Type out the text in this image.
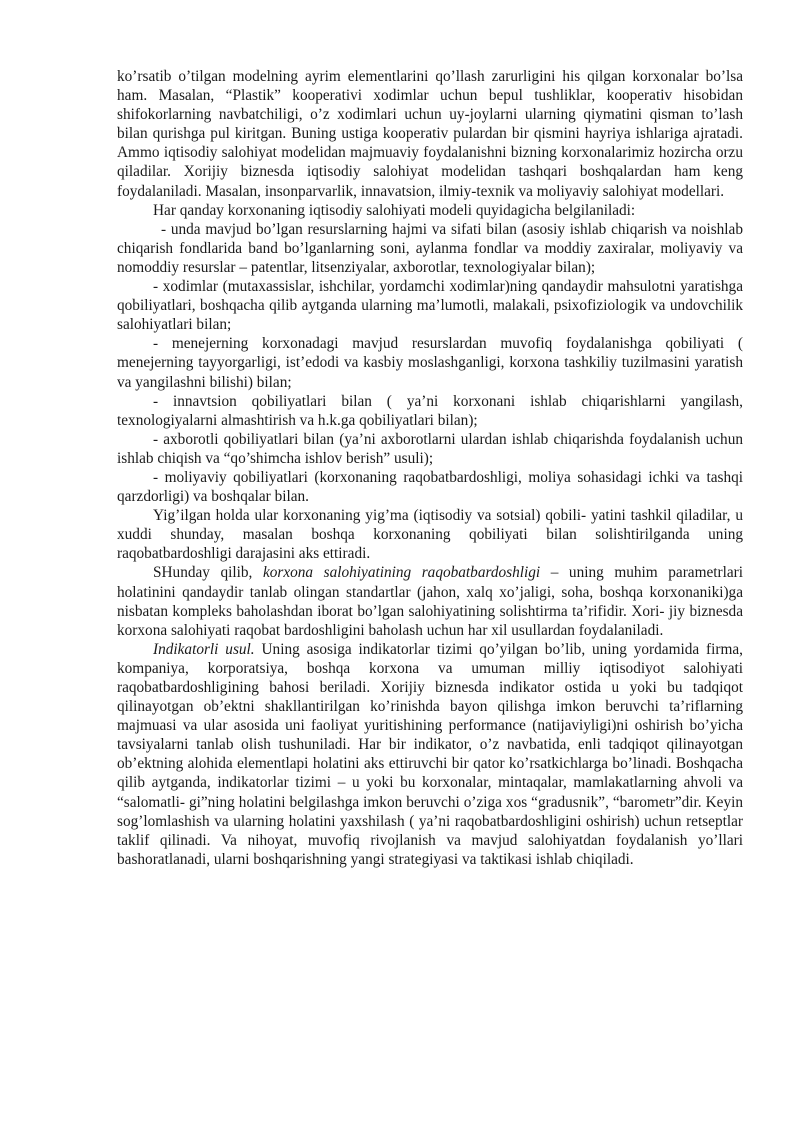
ko’rsatib o’tilgan modelning ayrim elementlarini qo’llash zarurligini his qilgan korxonalar bo’lsa ham. Masalan, “Plastik” kooperativi xodimlar uchun bepul tushliklar, kooperativ hisobidan shifokorlarning navbatchiligi, o’z xodimlari uchun uy-joylarni ularning qiymatini qisman to’lash bilan qurishga pul kiritgan. Buning ustiga kooperativ pulardan bir qismini hayriya ishlariga ajratadi. Ammo iqtisodiy salohiyat modelidan majmuaviy foydalanishni bizning korxonalarimiz hozircha orzu qiladilar. Xorijiy biznesda iqtisodiy salohiyat modelidan tashqari boshqalardan ham keng foydalaniladi. Masalan, insonparvarlik, innavatsion, ilmiy-texnik va moliyaviy salohiyat modellari.

Har qanday korxonaning iqtisodiy salohiyati modeli quyidagicha belgilaniladi:

- unda mavjud bo’lgan resurslarning hajmi va sifati bilan (asosiy ishlab chiqarish va noishlab chiqarish fondlarida band bo’lganlarning soni, aylanma fondlar va moddiy zaxiralar, moliyaviy va nomoddiy resurslar – patentlar, litsenziyalar, axborotlar, texnologiyalar bilan);

- xodimlar (mutaxassislar, ishchilar, yordamchi xodimlar)ning qandaydir mahsulotni yaratishga qobiliyatlari, boshqacha qilib aytganda ularning ma’lumotli, malakali, psixofiziologik va undovchilik salohiyatlari bilan;

- menejerning korxonadagi mavjud resurslardan muvofiq foydalanishga qobiliyati ( menejerning tayyorgarligi, ist’edodi va kasbiy moslashganligi, korxona tashkiliy tuzilmasini yaratish va yangilashni bilishi) bilan;

- innavtsion qobiliyatlari bilan ( ya’ni korxonani ishlab chiqarishlarni yangilash, texnologiyalarni almashtirish va h.k.ga qobiliyatlari bilan);

- axborotli qobiliyatlari bilan (ya’ni axborotlarni ulardan ishlab chiqarishda foydalanish uchun ishlab chiqish va “qo’shimcha ishlov berish” usuli);

- moliyaviy qobiliyatlari (korxonaning raqobatbardoshligi, moliya sohasidagi ichki va tashqi qarzdorligi) va boshqalar bilan.

Yig’ilgan holda ular korxonaning yig’ma (iqtisodiy va sotsial) qobili- yatini tashkil qiladilar, u xuddi shunday, masalan boshqa korxonaning qobiliyati bilan solishtirilganda uning raqobatbardoshligi darajasini aks ettiradi.

SHunday qilib, korxona salohiyatining raqobatbardoshligi – uning muhim parametrlari holatinini qandaydir tanlab olingan standartlar (jahon, xalq xo’jaligi, soha, boshqa korxonaniki)ga nisbatan kompleks baholashdan iborat bo’lgan salohiyatining solishtirma ta’rifidir. Xori- jiy biznesda korxona salohiyati raqobat bardoshligini baholash uchun har xil usullardan foydalaniladi.

Indikatorli usul. Uning asosiga indikatorlar tizimi qo’yilgan bo’lib, uning yordamida firma, kompaniya, korporatsiya, boshqa korxona va umuman milliy iqtisodiyot salohiyati raqobatbardoshligining bahosi beriladi. Xorijiy biznesda indikator ostida u yoki bu tadqiqot qilinayotgan ob’ektni shakllantirilgan ko’rinishda bayon qilishga imkon beruvchi ta’riflarning majmuasi va ular asosida uni faoliyat yuritishining performance (natijaviyligi)ni oshirish bo’yicha tavsiyalarni tanlab olish tushuniladi. Har bir indikator, o’z navbatida, enli tadqiqot qilinayotgan ob’ektning alohida elementlapi holatini aks ettiruvchi bir qator ko’rsatkichlarga bo’linadi. Boshqacha qilib aytganda, indikatorlar tizimi – u yoki bu korxonalar, mintaqalar, mamlakatlarning ahvoli va “salomatli- gi”ning holatini belgilashga imkon beruvchi o’ziga xos “gradusnik”, “barometr”dir. Keyin sog’lomlashish va ularning holatini yaxshilash ( ya’ni raqobatbardoshligini oshirish) uchun retseptlar taklif qilinadi. Va nihoyat, muvofiq rivojlanish va mavjud salohiyatdan foydalanish yo’llari bashoratlanadi, ularni boshqarishning yangi strategiyasi va taktikasi ishlab chiqiladi.
